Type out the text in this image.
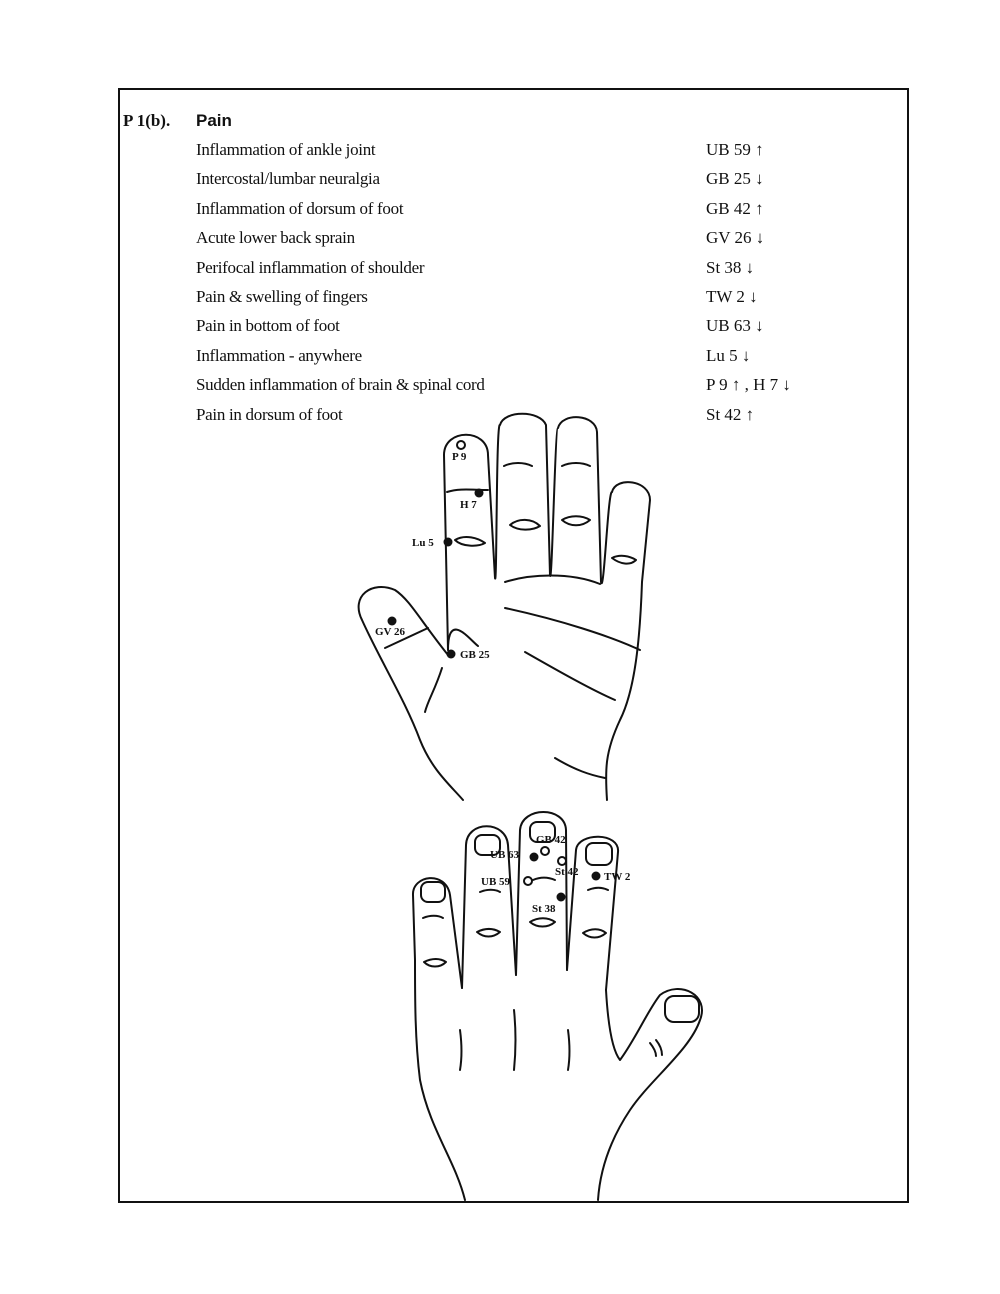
P 1(b). Pain
Inflammation of ankle joint	UB 59 ↑
Intercostal/lumbar neuralgia	GB 25 ↓
Inflammation of dorsum of foot	GB 42 ↑
Acute lower back sprain	GV 26 ↓
Perifocal inflammation of shoulder	St 38 ↓
Pain & swelling of fingers	TW 2 ↓
Pain in bottom of foot	UB 63 ↓
Inflammation - anywhere	Lu 5 ↓
Sudden inflammation of brain & spinal cord	P 9 ↑ , H 7 ↓
Pain in dorsum of foot	St 42 ↑
P 9
H 7
Lu 5
GV 26
GB 25
GB 42
UB 63
St 42
UB 59	TW 2
St 38
